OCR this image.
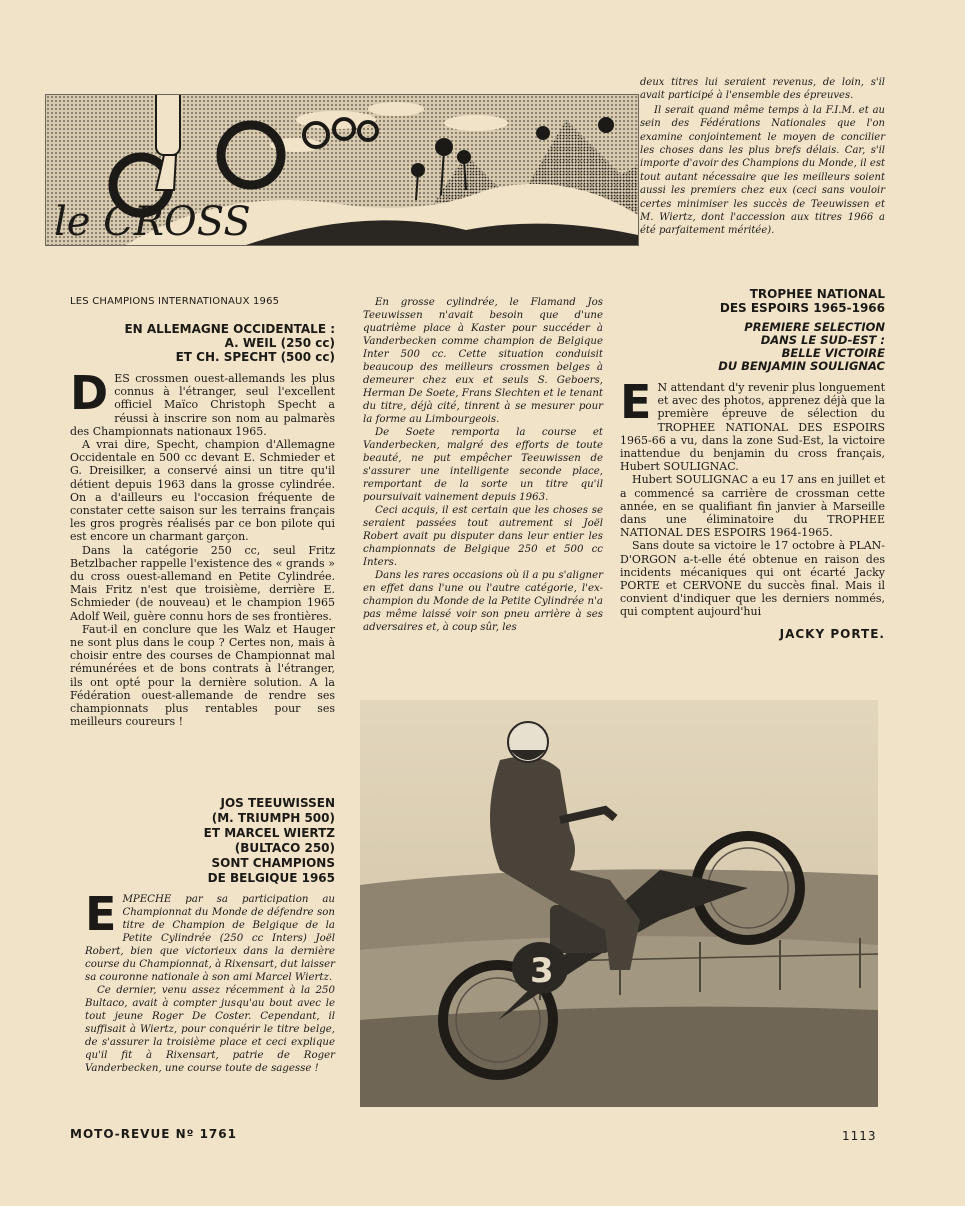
le CROSS

deux titres lui seraient revenus, de loin, s'il avait participé à l'ensemble des épreuves.

Il serait quand même temps à la F.I.M. et au sein des Fédérations Nationales que l'on examine conjointement le moyen de concilier les choses dans les plus brefs délais. Car, s'il importe d'avoir des Champions du Monde, il est tout autant nécessaire que les meilleurs soient aussi les premiers chez eux (ceci sans vouloir certes minimiser les succès de Teeuwissen et M. Wiertz, dont l'accession aux titres 1966 a été parfaitement méritée).

LES CHAMPIONS INTERNATIONAUX 1965

EN ALLEMAGNE OCCIDENTALE :

A. WEIL (250 cc)

ET CH. SPECHT (500 cc)

DES crossmen ouest-allemands les plus connus à l'étranger, seul l'excellent officiel Maïco Christoph Specht a réussi à inscrire son nom au palmarès des Championnats nationaux 1965.

A vrai dire, Specht, champion d'Allemagne Occidentale en 500 cc devant E. Schmieder et G. Dreisilker, a conservé ainsi un titre qu'il détient depuis 1963 dans la grosse cylindrée. On a d'ailleurs eu l'occasion fréquente de constater cette saison sur les terrains français les gros progrès réalisés par ce bon pilote qui est encore un charmant garçon.

Dans la catégorie 250 cc, seul Fritz Betzlbacher rappelle l'existence des « grands » du cross ouest-allemand en Petite Cylindrée. Mais Fritz n'est que troisième, derrière E. Schmieder (de nouveau) et le champion 1965 Adolf Weil, guère connu hors de ses frontières.

Faut-il en conclure que les Walz et Hauger ne sont plus dans le coup ? Certes non, mais à choisir entre des courses de Championnat mal rémunérées et de bons contrats à l'étranger, ils ont opté pour la dernière solution. A la Fédération ouest-allemande de rendre ses championnats plus rentables pour ses meilleurs coureurs !

En grosse cylindrée, le Flamand Jos Teeuwissen n'avait besoin que d'une quatrième place à Kaster pour succéder à Vanderbecken comme champion de Belgique Inter 500 cc. Cette situation conduisit beaucoup des meilleurs crossmen belges à demeurer chez eux et seuls S. Geboers, Herman De Soete, Frans Slechten et le tenant du titre, déjà cité, tinrent à se mesurer pour la forme au Limbourgeois.

De Soete remporta la course et Vanderbecken, malgré des efforts de toute beauté, ne put empêcher Teeuwissen de s'assurer une intelligente seconde place, remportant de la sorte un titre qu'il poursuivait vainement depuis 1963.

Ceci acquis, il est certain que les choses se seraient passées tout autrement si Joël Robert avait pu disputer dans leur entier les championnats de Belgique 250 et 500 cc Inters.

Dans les rares occasions où il a pu s'aligner en effet dans l'une ou l'autre catégorie, l'ex-champion du Monde de la Petite Cylindrée n'a pas même laissé voir son pneu arrière à ses adversaires et, à coup sûr, les

TROPHEE NATIONAL

DES ESPOIRS 1965-1966

PREMIERE SELECTION
DANS LE SUD-EST :
BELLE VICTOIRE
DU BENJAMIN SOULIGNAC

E N attendant d'y revenir plus longuement et avec des photos, apprenez déjà que la première épreuve de sélection du TROPHEE NATIONAL DES ESPOIRS 1965-66 a vu, dans la zone Sud-Est, la victoire inattendue du benjamin du cross français, Hubert SOULIGNAC.

Hubert SOULIGNAC a eu 17 ans en juillet et a commencé sa carrière de crossman cette année, en se qualifiant fin janvier à Marseille dans une éliminatoire du TROPHEE NATIONAL DES ESPOIRS 1964-1965.

Sans doute sa victoire le 17 octobre à PLAN-D'ORGON a-t-elle été obtenue en raison des incidents mécaniques qui ont écarté Jacky PORTE et CERVONE du succès final. Mais il convient d'indiquer que les derniers nommés, qui comptent aujourd'hui

JACKY PORTE.

JOS TEEUWISSEN

(M. TRIUMPH 500)

ET MARCEL WIERTZ

(BULTACO 250)

SONT CHAMPIONS

DE BELGIQUE 1965

EMPECHE par sa participation au Championnat du Monde de défendre son titre de Champion de Belgique de la Petite Cylindrée (250 cc Inters) Joël Robert, bien que victorieux dans la dernière course du Championnat, à Rixensart, dut laisser sa couronne nationale à son ami Marcel Wiertz.

Ce dernier, venu assez récemment à la 250 Bultaco, avait à compter jusqu'au bout avec le tout jeune Roger De Coster. Cependant, il suffisait à Wiertz, pour conquérir le titre belge, de s'assurer la troisième place et ceci explique qu'il fit à Rixensart, patrie de Roger Vanderbecken, une course toute de sagesse !

3
MOTO-REVUE Nº 1761	1113
